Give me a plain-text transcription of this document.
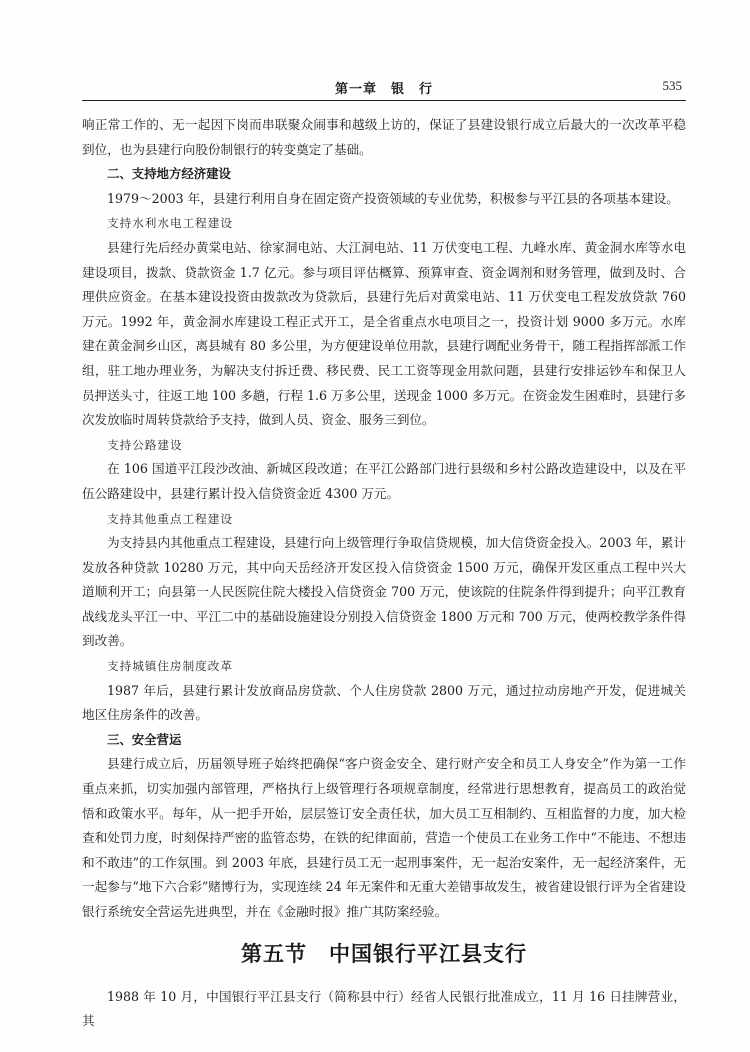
第一章　银　行	535

响正常工作的、无一起因下岗而串联聚众闹事和越级上访的，保证了县建设银行成立后最大的一次改革平稳到位，也为县建行向股份制银行的转变奠定了基础。

二、支持地方经济建设

1979～2003 年，县建行利用自身在固定资产投资领域的专业优势，积极参与平江县的各项基本建设。

支持水利水电工程建设

县建行先后经办黄棠电站、徐家洞电站、大江洞电站、11 万伏变电工程、九峰水库、黄金洞水库等水电建设项目，拨款、贷款资金 1.7 亿元。参与项目评估概算、预算审查、资金调剂和财务管理，做到及时、合理供应资金。在基本建设投资由拨款改为贷款后，县建行先后对黄棠电站、11 万伏变电工程发放贷款 760 万元。1992 年，黄金洞水库建设工程正式开工，是全省重点水电项目之一，投资计划 9000 多万元。水库建在黄金洞乡山区，离县城有 80 多公里，为方便建设单位用款，县建行调配业务骨干，随工程指挥部派工作组，驻工地办理业务，为解决支付拆迁费、移民费、民工工资等现金用款问题，县建行安排运钞车和保卫人员押送头寸，往返工地 100 多趟，行程 1.6 万多公里，送现金 1000 多万元。在资金发生困难时，县建行多次发放临时周转贷款给予支持，做到人员、资金、服务三到位。

支持公路建设

在 106 国道平江段沙改油、新城区段改道；在平江公路部门进行县级和乡村公路改造建设中，以及在平伍公路建设中，县建行累计投入信贷资金近 4300 万元。

支持其他重点工程建设

为支持县内其他重点工程建设，县建行向上级管理行争取信贷规模，加大信贷资金投入。2003 年，累计发放各种贷款 10280 万元，其中向天岳经济开发区投入信贷资金 1500 万元，确保开发区重点工程中兴大道顺利开工；向县第一人民医院住院大楼投入信贷资金 700 万元，使该院的住院条件得到提升；向平江教育战线龙头平江一中、平江二中的基础设施建设分别投入信贷资金 1800 万元和 700 万元，使两校教学条件得到改善。

支持城镇住房制度改革

1987 年后，县建行累计发放商品房贷款、个人住房贷款 2800 万元，通过拉动房地产开发，促进城关地区住房条件的改善。

三、安全营运

县建行成立后，历届领导班子始终把确保“客户资金安全、建行财产安全和员工人身安全”作为第一工作重点来抓，切实加强内部管理，严格执行上级管理行各项规章制度，经常进行思想教育，提高员工的政治觉悟和政策水平。每年，从一把手开始，层层签订安全责任状，加大员工互相制约、互相监督的力度，加大检查和处罚力度，时刻保持严密的监管态势，在铁的纪律面前，营造一个使员工在业务工作中“不能违、不想违和不敢违”的工作氛围。到 2003 年底，县建行员工无一起刑事案件，无一起治安案件，无一起经济案件，无一起参与“地下六合彩”赌博行为，实现连续 24 年无案件和无重大差错事故发生，被省建设银行评为全省建设银行系统安全营运先进典型，并在《金融时报》推广其防案经验。

第五节　中国银行平江县支行

1988 年 10 月，中国银行平江县支行（简称县中行）经省人民银行批准成立，11 月 16 日挂牌营业，其
